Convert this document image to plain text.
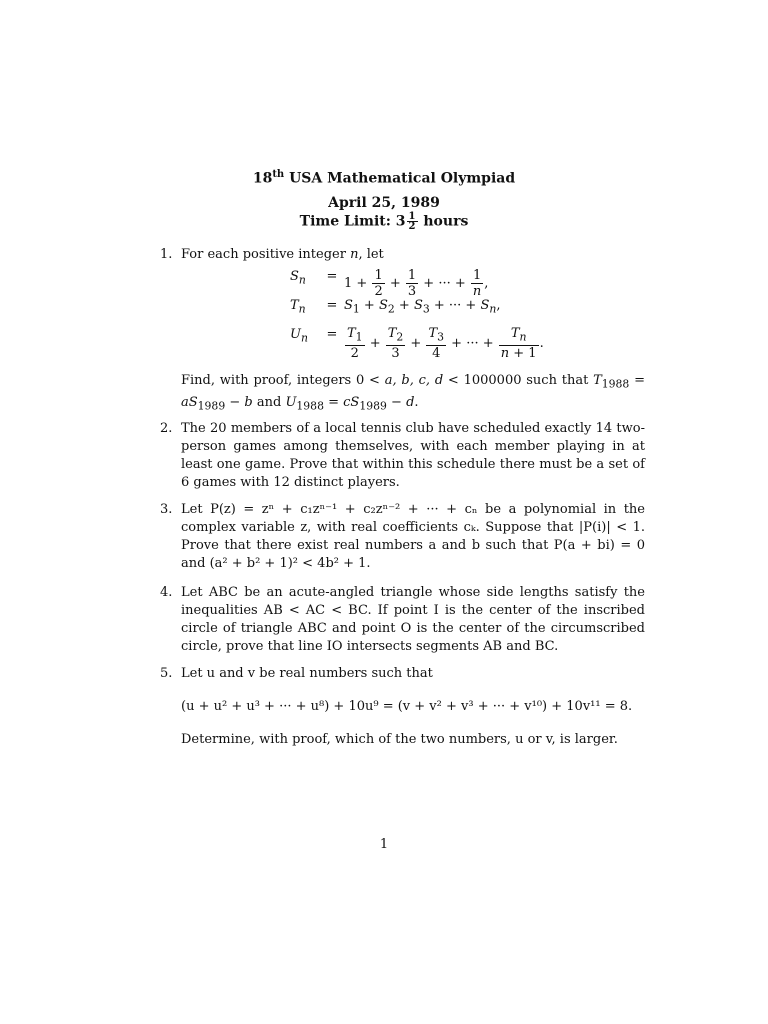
18th USA Mathematical Olympiad
April 25, 1989
Time Limit: $3 \frac{1}{2}$ hours
1. For each positive integer n, let
$S_n$	= $1 + \frac{1}{2} + \frac{1}{3}$ + ··· + $\frac{1}{n}$ ,
$T_n$	= $S_1 + S_2 + S_3$ + ··· + $S_n$,
$U_n$	= $\frac{T_1}{2} + \frac{T_2}{3} + \frac{T_3}{4}$ + ··· + $\frac{T_n}{n + 1}$ .
Find, with proof, integers 0 < a, b, c, d < 1000000 such that $T_{1988} = aS_{1989} - b$ and $U_{1988} = cS_{1989} - d$.
2. The 20 members of a local tennis club have scheduled exactly 14 two-person games among themselves, with each member playing in at least one game. Prove that within this schedule there must be a set of 6 games with 12 distinct players.
3. Let P(z) = zⁿ + c₁zⁿ⁻¹ + c₂zⁿ⁻² + ··· + cₙ be a polynomial in the complex variable z, with real coefficients cₖ. Suppose that |P(i)| < 1. Prove that there exist real numbers a and b such that P(a + bi) = 0 and (a² + b² + 1)² < 4b² + 1.
4. Let ABC be an acute-angled triangle whose side lengths satisfy the inequalities AB < AC < BC. If point I is the center of the inscribed circle of triangle ABC and point O is the center of the circumscribed circle, prove that line IO intersects segments AB and BC.
5. Let u and v be real numbers such that
(u + u² + u³ + ··· + u⁸) + 10u⁹ = (v + v² + v³ + ··· + v¹⁰) + 10v¹¹ = 8.
Determine, with proof, which of the two numbers, u or v, is larger.
1
